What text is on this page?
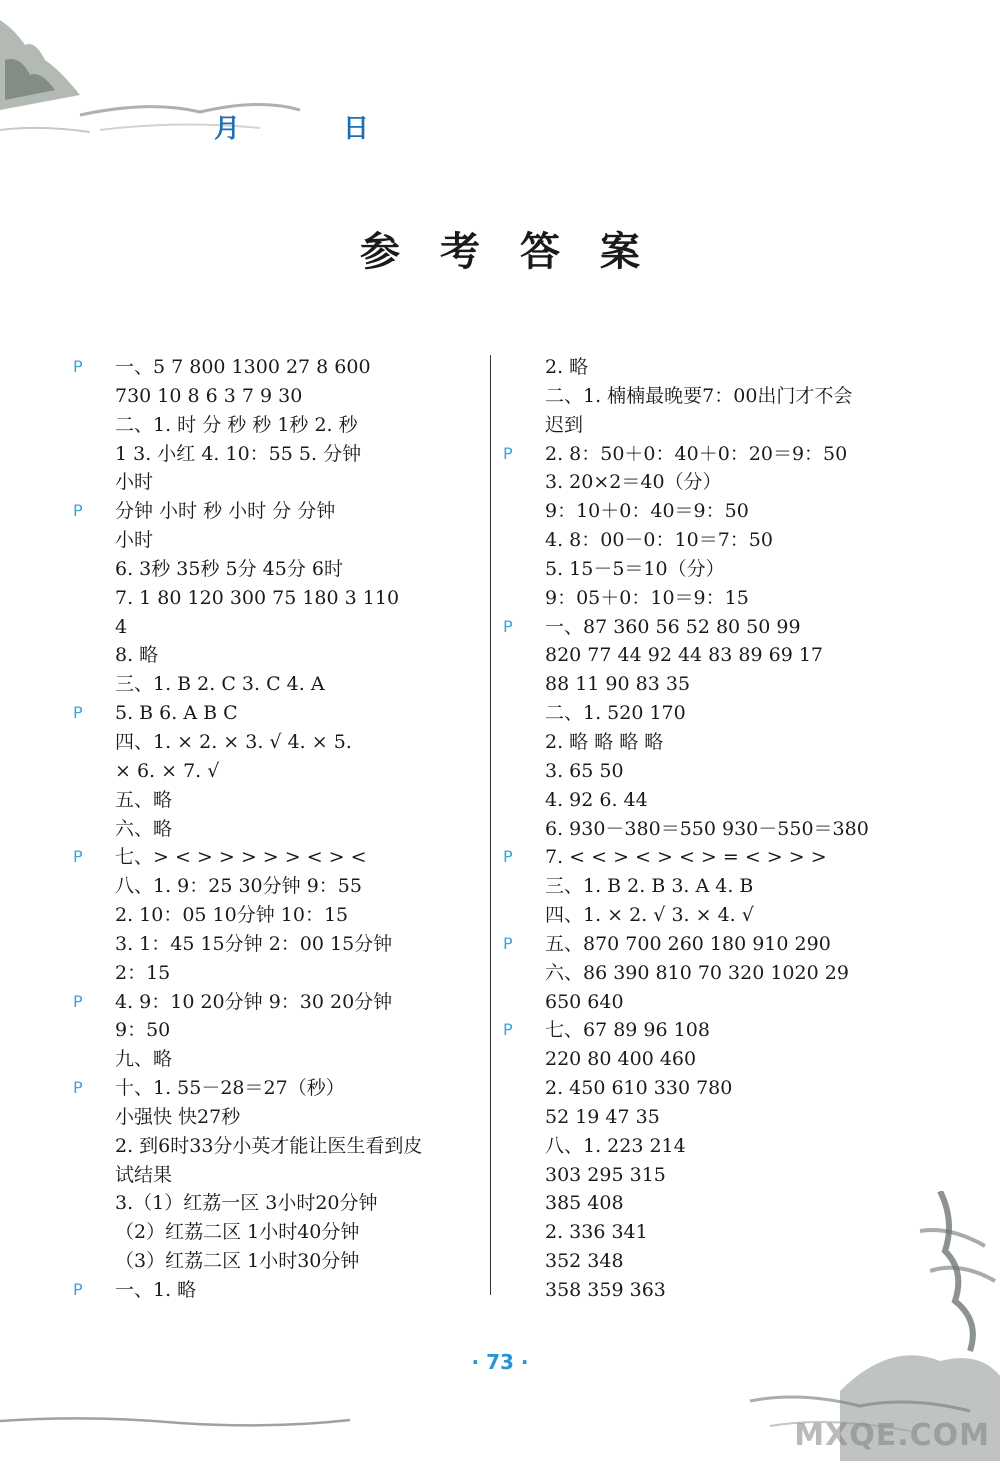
月	日
参考答案
P 一、5 7 800 1300 27 8 600
730 10 8 6 3 7 9 30
二、1. 时 分 秒 秒 1秒 2. 秒
1 3. 小红 4. 10：55 5. 分钟
小时
P 分钟 小时 秒 小时 分 分钟
小时
6. 3秒 35秒 5分 45分 6时
7. 1 80 120 300 75 180 3 110
4
8. 略
三、1. B 2. C 3. C 4. A
P 5. B 6. A B C
四、1. × 2. × 3. √ 4. × 5.
× 6. × 7. √
五、略
六、略
P 七、> < > > > > > < > <
八、1. 9：25 30分钟 9：55
2. 10：05 10分钟 10：15
3. 1：45 15分钟 2：00 15分钟
2：15
P 4. 9：10 20分钟 9：30 20分钟
9：50
九、略
P 十、1. 55－28＝27（秒）
小强快 快27秒
2. 到6时33分小英才能让医生看到皮
试结果
3.（1）红荔一区 3小时20分钟
（2）红荔二区 1小时40分钟
（3）红荔二区 1小时30分钟
P 一、1. 略
2. 略
二、1. 楠楠最晚要7：00出门才不会
迟到
P 2. 8：50＋0：40＋0：20＝9：50
3. 20×2＝40（分）
9：10＋0：40＝9：50
4. 8：00－0：10＝7：50
5. 15－5＝10（分）
9：05＋0：10＝9：15
P 一、87 360 56 52 80 50 99
820 77 44 92 44 83 89 69 17
88 11 90 83 35
二、1. 520 170
2. 略 略 略 略
3. 65 50
4. 92 6. 44
6. 930－380＝550 930－550＝380
P 7. < < > < > < > = < > > >
三、1. B 2. B 3. A 4. B
四、1. × 2. √ 3. × 4. √
P 五、870 700 260 180 910 290
六、86 390 810 70 320 1020 29
650 640
P 七、67 89 96 108
220 80 400 460
2. 450 610 330 780
52 19 47 35
八、1. 223 214
303 295 315
385 408
2. 336 341
352 348
358 359 363
· 73 ·
MXQE.COM
